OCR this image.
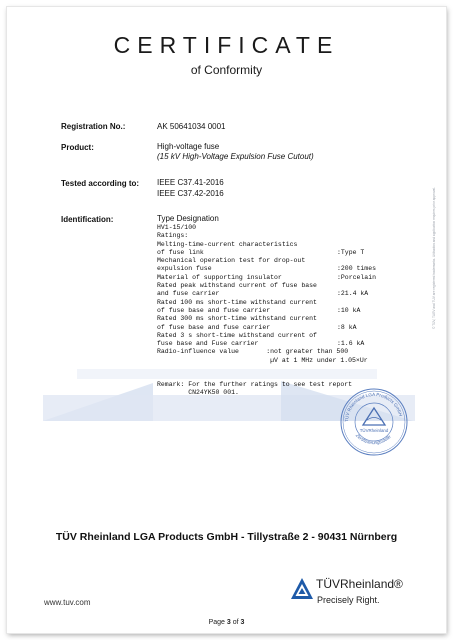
CERTIFICATE
of Conformity
Registration No.:	AK 50641034 0001
Product:	High-voltage fuse
(15 kV High-Voltage Expulsion Fuse Cutout)
Tested according to: IEEE C37.41-2016
IEEE C37.42-2016
Identification:	Type Designation
HV1-15/100
Ratings:
Melting-time-current characteristics
of fuse link	:Type T
Mechanical operation test for drop-out
expulsion fuse	:200 times
Material of supporting insulator	:Porcelain
Rated peak withstand current of fuse base
and fuse carrier	:21.4 kA
Rated 100 ms short-time withstand current
of fuse base and fuse carrier	:10 kA
Rated 300 ms short-time withstand current
of fuse base and fuse carrier	:8 kA
Rated 3 s short-time withstand current of
fuse base and Fuse carrier	:1.6 kA
Radio-influence value       :not greater than 500
µV at 1 MHz under 1.05×Ur
Remark: For the further ratings to see test report
CN24YK50 001.
TÜV Rheinland LGA Products GmbH
Zertifizierungsstelle
TÜVRheinland
© TÜV, TUEV and TUV are registered trademarks. Utilisation and application requires prior approval.
TÜV Rheinland LGA Products GmbH - Tillystraße 2 - 90431 Nürnberg
www.tuv.com
TÜVRheinland®
Precisely Right.
Page 3 of 3
